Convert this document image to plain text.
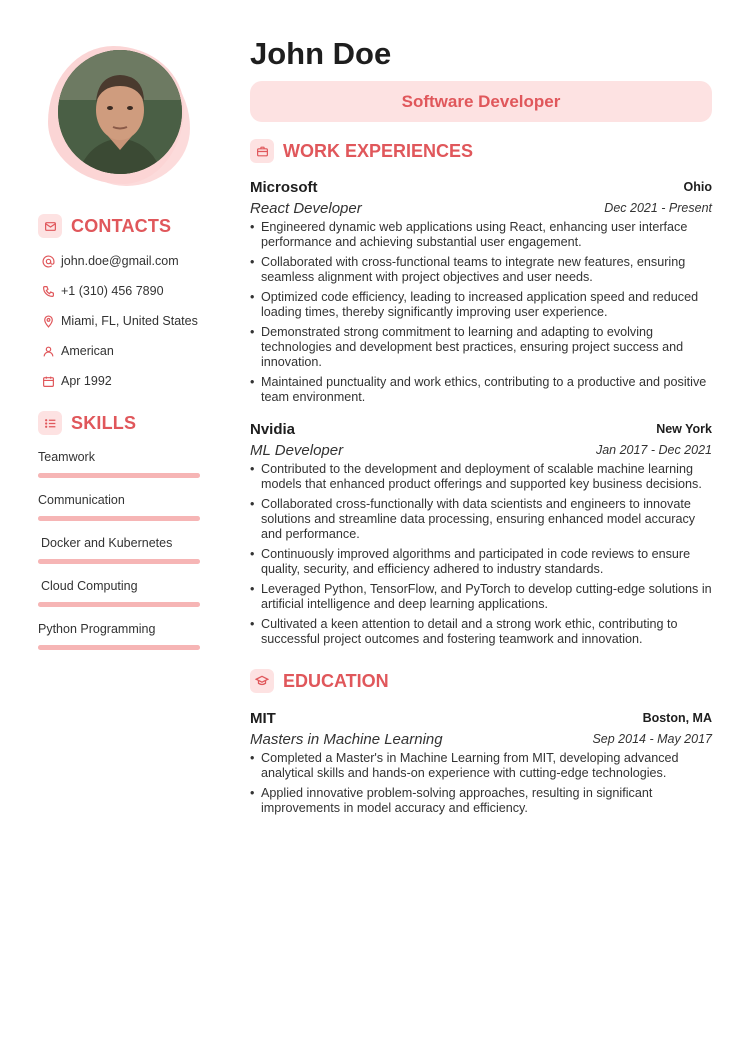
CONTACTS
john.doe@gmail.com
+1 (310) 456 7890
Miami, FL, United States
American
Apr 1992
SKILLS
Teamwork
Communication
Docker and Kubernetes
Cloud Computing
Python Programming
John Doe
Software Developer
WORK EXPERIENCES
Microsoft	Ohio
React Developer	Dec 2021 - Present
• Engineered dynamic web applications using React, enhancing user interface performance and achieving substantial user engagement.
• Collaborated with cross-functional teams to integrate new features, ensuring seamless alignment with project objectives and user needs.
• Optimized code efficiency, leading to increased application speed and reduced loading times, thereby significantly improving user experience.
• Demonstrated strong commitment to learning and adapting to evolving technologies and development best practices, ensuring project success and innovation.
• Maintained punctuality and work ethics, contributing to a productive and positive team environment.
Nvidia	New York
ML Developer	Jan 2017 - Dec 2021
• Contributed to the development and deployment of scalable machine learning models that enhanced product offerings and supported key business decisions.
• Collaborated cross-functionally with data scientists and engineers to innovate solutions and streamline data processing, ensuring enhanced model accuracy and performance.
• Continuously improved algorithms and participated in code reviews to ensure quality, security, and efficiency adhered to industry standards.
• Leveraged Python, TensorFlow, and PyTorch to develop cutting-edge solutions in artificial intelligence and deep learning applications.
• Cultivated a keen attention to detail and a strong work ethic, contributing to successful project outcomes and fostering teamwork and innovation.
EDUCATION
MIT	Boston, MA
Masters in Machine Learning	Sep 2014 - May 2017
• Completed a Master's in Machine Learning from MIT, developing advanced analytical skills and hands-on experience with cutting-edge technologies.
• Applied innovative problem-solving approaches, resulting in significant improvements in model accuracy and efficiency.
